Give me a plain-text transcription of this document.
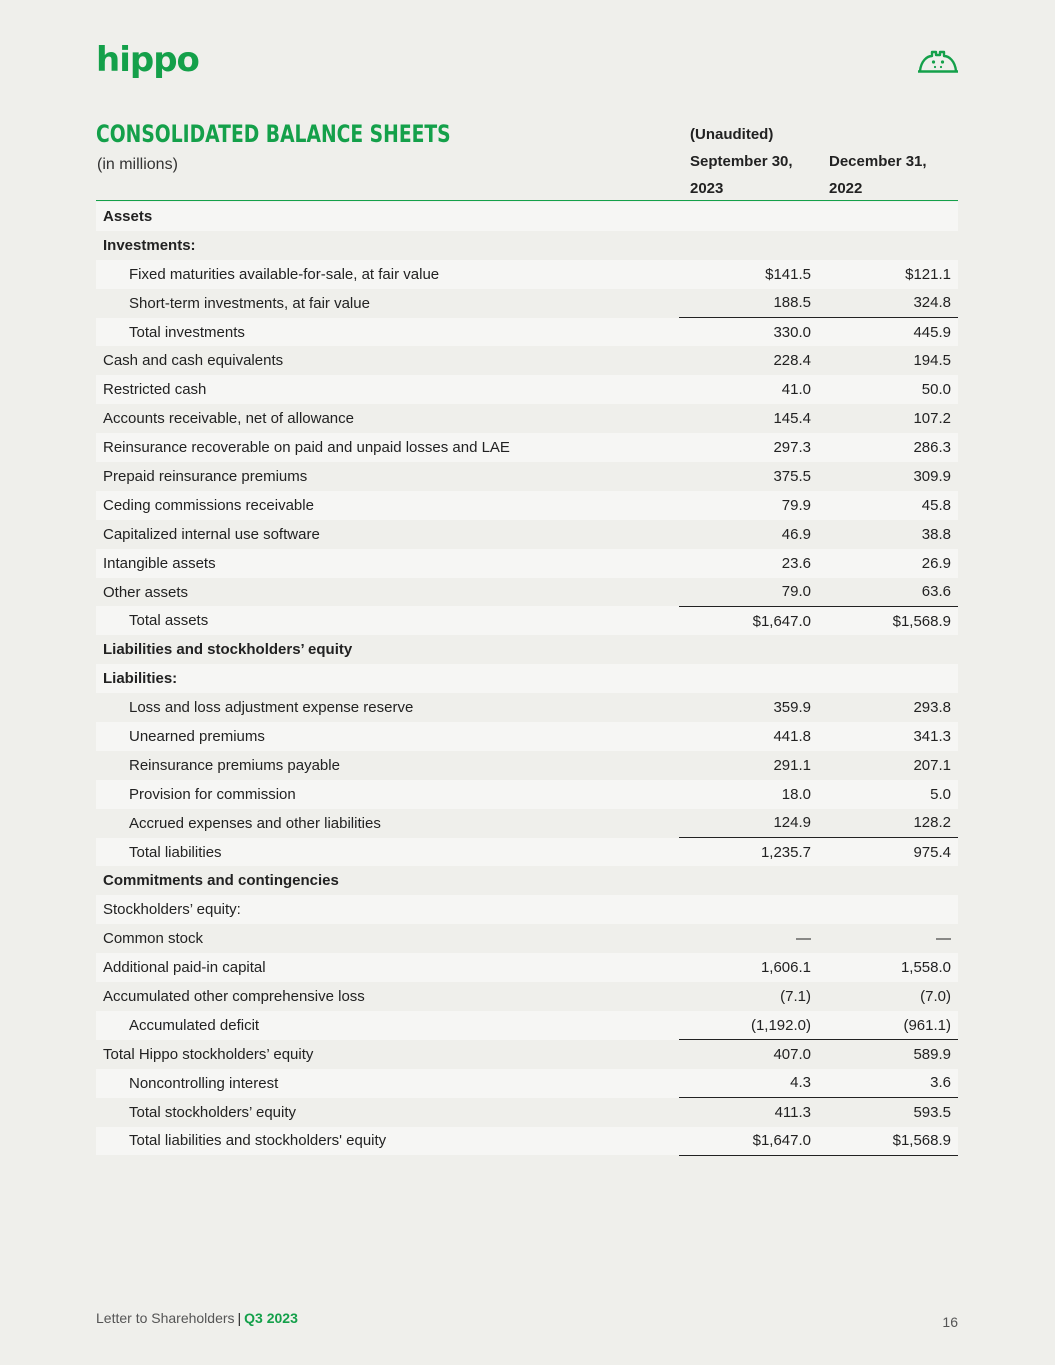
hippo
CONSOLIDATED BALANCE SHEETS
(in millions)
(Unaudited)
September 30,
2023
December 31,
2022
Assets		
Investments:		
Fixed maturities available-for-sale, at fair value	$141.5	$121.1
Short-term investments, at fair value	188.5	324.8
Total investments	330.0	445.9
Cash and cash equivalents	228.4	194.5
Restricted cash	41.0	50.0
Accounts receivable, net of allowance	145.4	107.2
Reinsurance recoverable on paid and unpaid losses and LAE	297.3	286.3
Prepaid reinsurance premiums	375.5	309.9
Ceding commissions receivable	79.9	45.8
Capitalized internal use software	46.9	38.8
Intangible assets	23.6	26.9
Other assets	79.0	63.6
Total assets	$1,647.0	$1,568.9
Liabilities and stockholders’ equity		
Liabilities:		
Loss and loss adjustment expense reserve	359.9	293.8
Unearned premiums	441.8	341.3
Reinsurance premiums payable	291.1	207.1
Provision for commission	18.0	5.0
Accrued expenses and other liabilities	124.9	128.2
Total liabilities	1,235.7	975.4
Commitments and contingencies		
Stockholders’ equity:		
Common stock	—	—
Additional paid-in capital	1,606.1	1,558.0
Accumulated other comprehensive loss	(7.1)	(7.0)
Accumulated deficit	(1,192.0)	(961.1)
Total Hippo stockholders’ equity	407.0	589.9
Noncontrolling interest	4.3	3.6
Total stockholders’ equity	411.3	593.5
Total liabilities and stockholders' equity	$1,647.0	$1,568.9
Letter to Shareholders | Q3 2023	16
